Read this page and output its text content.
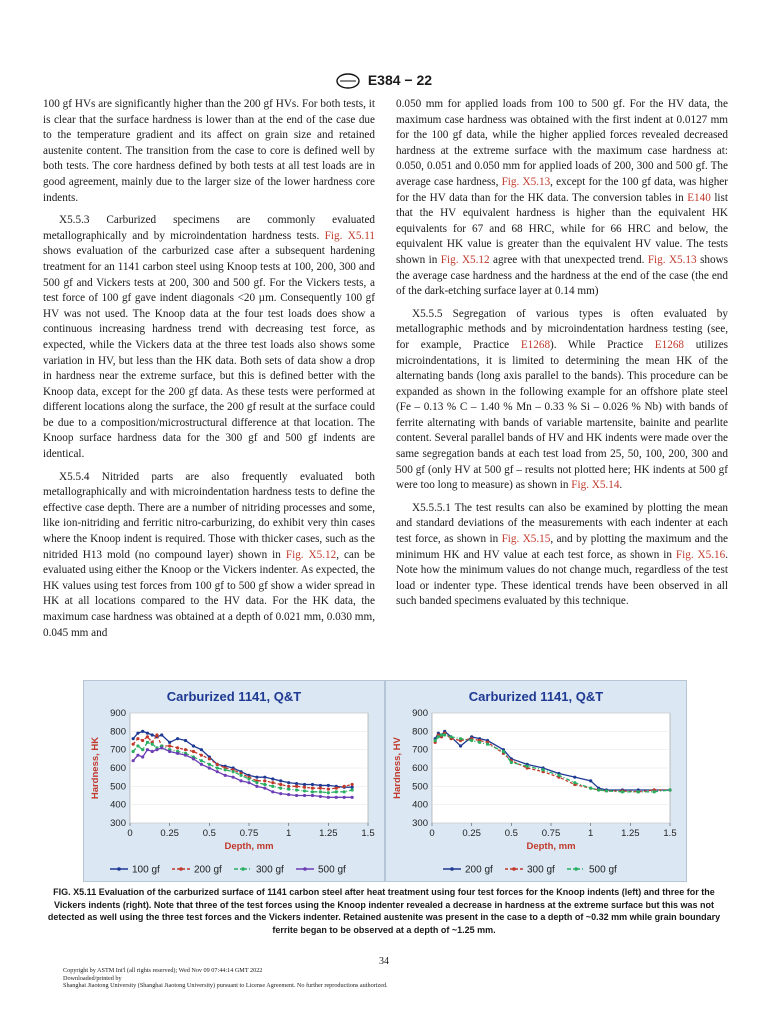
E384 − 22

100 gf HVs are significantly higher than the 200 gf HVs. For both tests, it is clear that the surface hardness is lower than at the end of the case due to the temperature gradient and its affect on grain size and retained austenite content. The transition from the case to core is defined well by both tests. The core hardness defined by both tests at all test loads are in good agreement, mainly due to the larger size of the lower hardness core indents.

X5.5.3 Carburized specimens are commonly evaluated metallographically and by microindentation hardness tests. Fig. X5.11 shows evaluation of the carburized case after a subsequent hardening treatment for an 1141 carbon steel using Knoop tests at 100, 200, 300 and 500 gf and Vickers tests at 200, 300 and 500 gf. For the Vickers tests, a test force of 100 gf gave indent diagonals <20 µm. Consequently 100 gf HV was not used. The Knoop data at the four test loads does show a continuous increasing hardness trend with decreasing test force, as expected, while the Vickers data at the three test loads also shows some variation in HV, but less than the HK data. Both sets of data show a drop in hardness near the extreme surface, but this is defined better with the Knoop data, except for the 200 gf data. As these tests were performed at different locations along the surface, the 200 gf result at the surface could be due to a composition/microstructural difference at that location. The Knoop surface hardness data for the 300 gf and 500 gf indents are identical.

X5.5.4 Nitrided parts are also frequently evaluated both metallographically and with microindentation hardness tests to define the effective case depth. There are a number of nitriding processes and some, like ion-nitriding and ferritic nitro-carburizing, do exhibit very thin cases where the Knoop indent is required. Those with thicker cases, such as the nitrided H13 mold (no compound layer) shown in Fig. X5.12, can be evaluated using either the Knoop or the Vickers indenter. As expected, the HK values using test forces from 100 gf to 500 gf show a wider spread in HK at all locations compared to the HV data. For the HK data, the maximum case hardness was obtained at a depth of 0.021 mm, 0.030 mm, 0.045 mm and

0.050 mm for applied loads from 100 to 500 gf. For the HV data, the maximum case hardness was obtained with the first indent at 0.0127 mm for the 100 gf data, while the higher applied forces revealed decreased hardness at the extreme surface with the maximum case hardness at: 0.050, 0.051 and 0.050 mm for applied loads of 200, 300 and 500 gf. The average case hardness, Fig. X5.13, except for the 100 gf data, was higher for the HV data than for the HK data. The conversion tables in E140 list that the HV equivalent hardness is higher than the equivalent HK equivalents for 67 and 68 HRC, while for 66 HRC and below, the equivalent HK value is greater than the equivalent HV value. The tests shown in Fig. X5.12 agree with that unexpected trend. Fig. X5.13 shows the average case hardness and the hardness at the end of the case (the end of the dark-etching surface layer at 0.14 mm)

X5.5.5 Segregation of various types is often evaluated by metallographic methods and by microindentation hardness testing (see, for example, Practice E1268). While Practice E1268 utilizes microindentations, it is limited to determining the mean HK of the alternating bands (long axis parallel to the bands). This procedure can be expanded as shown in the following example for an offshore plate steel (Fe – 0.13 % C – 1.40 % Mn – 0.33 % Si – 0.026 % Nb) with bands of ferrite alternating with bands of variable martensite, bainite and pearlite content. Several parallel bands of HV and HK indents were made over the same segregation bands at each test load from 25, 50, 100, 200, 300 and 500 gf (only HV at 500 gf – results not plotted here; HK indents at 500 gf were too long to measure) as shown in Fig. X5.14.

X5.5.5.1 The test results can also be examined by plotting the mean and standard deviations of the measurements with each indenter at each test force, as shown in Fig. X5.15, and by plotting the maximum and the minimum HK and HV value at each test force, as shown in Fig. X5.16. Note how the minimum values do not change much, regardless of the test load or indenter type. These identical trends have been observed in all such banded specimens evaluated by this technique.

Carburized 1141, Q&T
300
400
500
600
700
800
900
0	0.25	0.5	0.75	1	1.25	1.5
Depth, mm
Hardness, HK
100 gf	200 gf	300 gf	500 gf
Carburized 1141, Q&T
300
400
500
600
700
800
900
0	0.25	0.5	0.75	1	1.25	1.5
Depth, mm
Hardness, HV
200 gf	300 gf	500 gf
FIG. X5.11 Evaluation of the carburized surface of 1141 carbon steel after heat treatment using four test forces for the Knoop indents (left) and three for the Vickers indents (right). Note that three of the test forces using the Knoop indenter revealed a decrease in hardness at the extreme surface but this was not detected as well using the three test forces and the Vickers indenter. Retained austenite was present in the case to a depth of ~0.32 mm while grain boundary ferrite began to be observed at a depth of ~1.25 mm.
34
Copyright by ASTM Int'l (all rights reserved); Wed Nov 09 07:44:14 GMT 2022
Downloaded/printed by
Shanghai Jiaotong University (Shanghai Jiaotong University) pursuant to License Agreement. No further reproductions authorized.
